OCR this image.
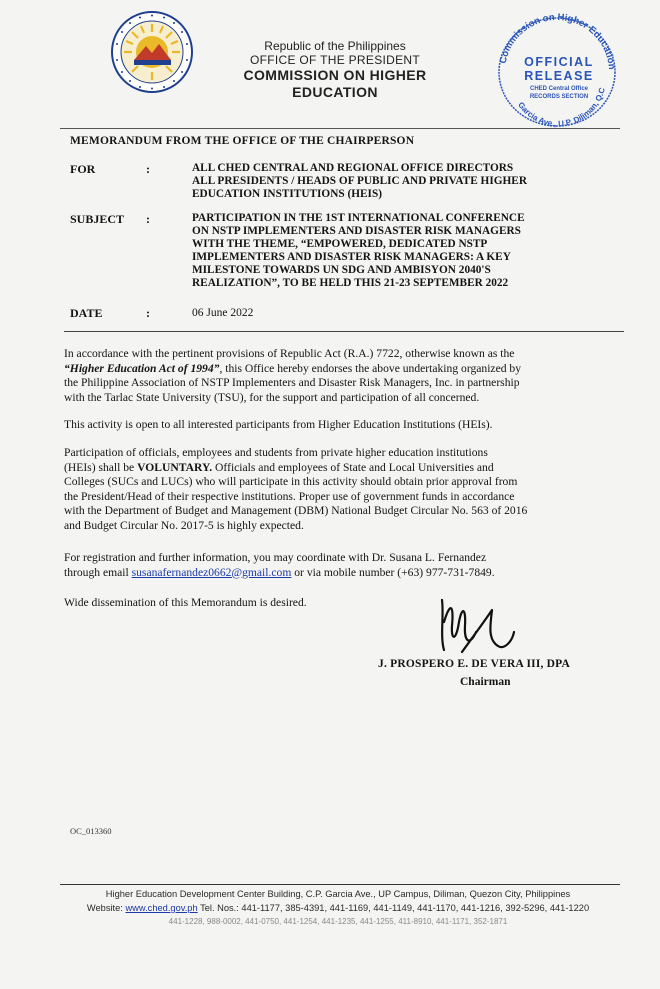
Republic of the Philippines
OFFICE OF THE PRESIDENT
COMMISSION ON HIGHER EDUCATION
Commission on Higher Education
Garcia Ave., U.P. Diliman, Q.C
OFFICIAL
RELEASE
CHED Central Office
RECORDS SECTION
MEMORANDUM FROM THE OFFICE OF THE CHAIRPERSON
FOR	:	ALL CHED CENTRAL AND REGIONAL OFFICE DIRECTORS
ALL PRESIDENTS / HEADS OF PUBLIC AND PRIVATE HIGHER
EDUCATION INSTITUTIONS (HEIS)
SUBJECT :	PARTICIPATION IN THE 1ST INTERNATIONAL CONFERENCE
ON NSTP IMPLEMENTERS AND DISASTER RISK MANAGERS
WITH THE THEME, “EMPOWERED, DEDICATED NSTP
IMPLEMENTERS AND DISASTER RISK MANAGERS: A KEY
MILESTONE TOWARDS UN SDG AND AMBISYON 2040'S
REALIZATION”, TO BE HELD THIS 21-23 SEPTEMBER 2022
DATE	:	06 June 2022
In accordance with the pertinent provisions of Republic Act (R.A.) 7722, otherwise known as the
“Higher Education Act of 1994”, this Office hereby endorses the above undertaking organized by
the Philippine Association of NSTP Implementers and Disaster Risk Managers, Inc. in partnership
with the Tarlac State University (TSU), for the support and participation of all concerned.
This activity is open to all interested participants from Higher Education Institutions (HEIs).
Participation of officials, employees and students from private higher education institutions
(HEIs) shall be VOLUNTARY. Officials and employees of State and Local Universities and
Colleges (SUCs and LUCs) who will participate in this activity should obtain prior approval from
the President/Head of their respective institutions. Proper use of government funds in accordance
with the Department of Budget and Management (DBM) National Budget Circular No. 563 of 2016
and Budget Circular No. 2017-5 is highly expected.
For registration and further information, you may coordinate with Dr. Susana L. Fernandez
through email susanafernandez0662@gmail.com or via mobile number (+63) 977-731-7849.
Wide dissemination of this Memorandum is desired.
J. PROSPERO E. DE VERA III, DPA
Chairman
OC_013360
Higher Education Development Center Building, C.P. Garcia Ave., UP Campus, Diliman, Quezon City, Philippines
Website: www.ched.gov.ph Tel. Nos.: 441-1177, 385-4391, 441-1169, 441-1149, 441-1170, 441-1216, 392-5296, 441-1220
441-1228, 988-0002, 441-0750, 441-1254, 441-1235, 441-1255, 411-8910, 441-1171, 352-1871
